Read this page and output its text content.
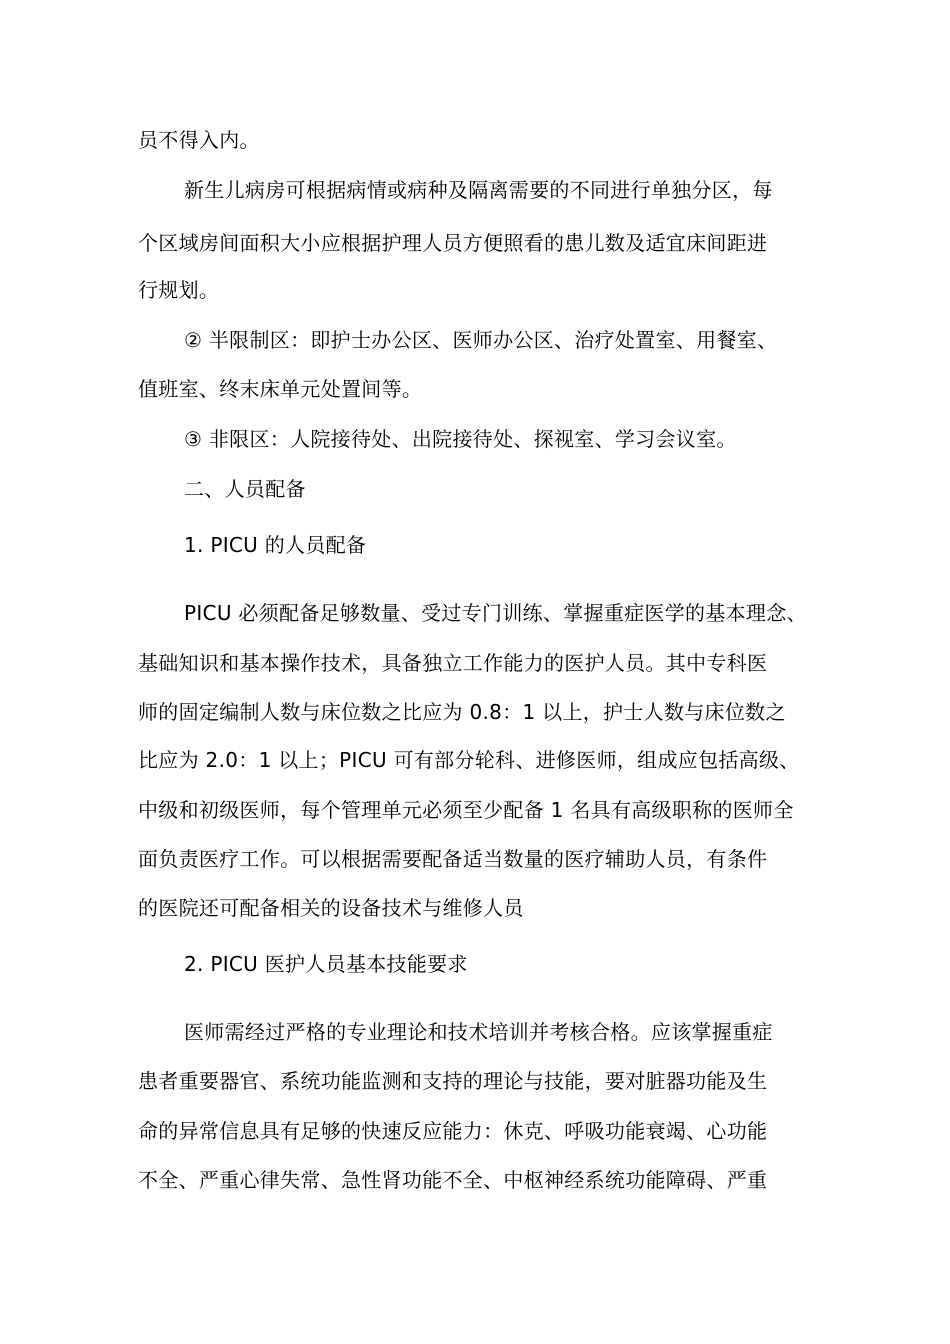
员不得入内。
新生儿病房可根据病情或病种及隔离需要的不同进行单独分区，每
个区域房间面积大小应根据护理人员方便照看的患儿数及适宜床间距进
行规划。
② 半限制区：即护士办公区、医师办公区、治疗处置室、用餐室、
值班室、终末床单元处置间等。
③ 非限区：人院接待处、出院接待处、探视室、学习会议室。
二、人员配备
1. PICU 的人员配备
PICU 必须配备足够数量、受过专门训练、掌握重症医学的基本理念、
基础知识和基本操作技术，具备独立工作能力的医护人员。其中专科医
师的固定编制人数与床位数之比应为 0.8：1 以上，护士人数与床位数之
比应为 2.0：1 以上；PICU 可有部分轮科、进修医师，组成应包括高级、
中级和初级医师，每个管理单元必须至少配备 1 名具有高级职称的医师全
面负责医疗工作。可以根据需要配备适当数量的医疗辅助人员，有条件
的医院还可配备相关的设备技术与维修人员
2. PICU 医护人员基本技能要求
医师需经过严格的专业理论和技术培训并考核合格。应该掌握重症
患者重要器官、系统功能监测和支持的理论与技能，要对脏器功能及生
命的异常信息具有足够的快速反应能力：休克、呼吸功能衰竭、心功能
不全、严重心律失常、急性肾功能不全、中枢神经系统功能障碍、严重
